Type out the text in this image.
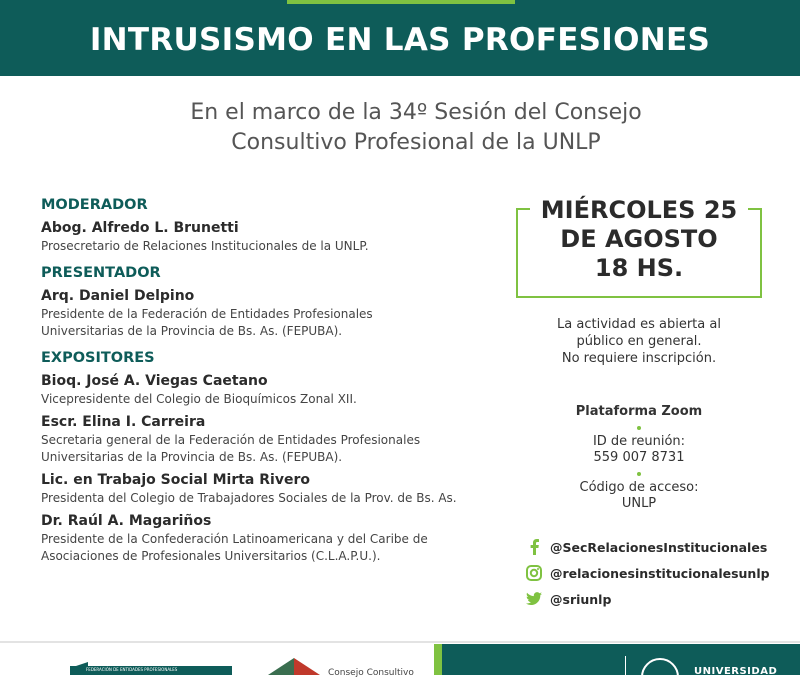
INTRUSISMO EN LAS PROFESIONES
En el marco de la 34º Sesión del Consejo
Consultivo Profesional de la UNLP
MODERADOR
Abog. Alfredo L. Brunetti
Prosecretario de Relaciones Institucionales de la UNLP.
PRESENTADOR
Arq. Daniel Delpino
Presidente de la Federación de Entidades Profesionales
Universitarias de la Provincia de Bs. As. (FEPUBA).
EXPOSITORES
Bioq. José A. Viegas Caetano
Vicepresidente del Colegio de Bioquímicos Zonal XII.
Escr. Elina I. Carreira
Secretaria general de la Federación de Entidades Profesionales
Universitarias de la Provincia de Bs. As. (FEPUBA).
Lic. en Trabajo Social Mirta Rivero
Presidenta del Colegio de Trabajadores Sociales de la Prov. de Bs. As.
Dr. Raúl A. Magariños
Presidente de la Confederación Latinoamericana y del Caribe de
Asociaciones de Profesionales Universitarios (C.L.A.P.U.).
MIÉRCOLES 25
DE AGOSTO
18 HS.
La actividad es abierta al
público en general.
No requiere inscripción.
Plataforma Zoom
ID de reunión:
559 007 8731
Código de acceso:
UNLP
@SecRelacionesInstitucionales
@relacionesinstitucionalesunlp
@sriunlp
FEDERACIÓN DE ENTIDADES PROFESIONALES	Consejo Consultivo	UNIVERSIDAD
